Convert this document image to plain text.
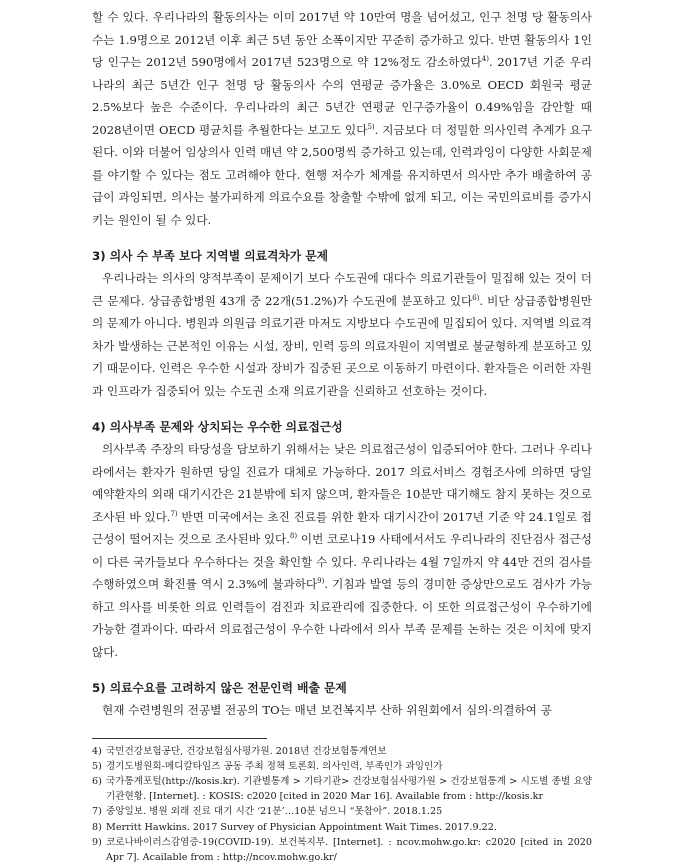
할 수 있다. 우리나라의 활동의사는 이미 2017년 약 10만여 명을 넘어섰고, 인구 천명 당 활동의사 수는 1.9명으로 2012년 이후 최근 5년 동안 소폭이지만 꾸준히 증가하고 있다. 반면 활동의사 1인당 인구는 2012년 590명에서 2017년 523명으로 약 12%정도 감소하였다$^{4)}$. 2017년 기준 우리나라의 최근 5년간 인구 천명 당 활동의사 수의 연평균 증가율은 3.0%로 OECD 회원국 평균 2.5%보다 높은 수준이다. 우리나라의 최근 5년간 연평균 인구증가율이 0.49%임을 감안할 때 2028년이면 OECD 평균치를 추월한다는 보고도 있다$^{5)}$. 지금보다 더 정밀한 의사인력 추계가 요구된다. 이와 더불어 임상의사 인력 매년 약 2,500명씩 증가하고 있는데, 인력과잉이 다양한 사회문제를 야기할 수 있다는 점도 고려해야 한다. 현행 저수가 체계를 유지하면서 의사만 추가 배출하여 공급이 과잉되면, 의사는 불가피하게 의료수요를 창출할 수밖에 없게 되고, 이는 국민의료비를 증가시키는 원인이 될 수 있다.

3) 의사 수 부족 보다 지역별 의료격차가 문제

우리나라는 의사의 양적부족이 문제이기 보다 수도권에 대다수 의료기관들이 밀집해 있는 것이 더 큰 문제다. 상급종합병원 43개 중 22개(51.2%)가 수도권에 분포하고 있다$^{6)}$. 비단 상급종합병원만의 문제가 아니다. 병원과 의원급 의료기관 마저도 지방보다 수도권에 밀집되어 있다. 지역별 의료격차가 발생하는 근본적인 이유는 시설, 장비, 인력 등의 의료자원이 지역별로 불균형하게 분포하고 있기 때문이다. 인력은 우수한 시설과 장비가 집중된 곳으로 이동하기 마련이다. 환자들은 이러한 자원과 인프라가 집중되어 있는 수도권 소재 의료기관을 신뢰하고 선호하는 것이다.

4) 의사부족 문제와 상치되는 우수한 의료접근성

의사부족 주장의 타당성을 담보하기 위해서는 낮은 의료접근성이 입증되어야 한다. 그러나 우리나라에서는 환자가 원하면 당일 진료가 대체로 가능하다. 2017 의료서비스 경험조사에 의하면 당일 예약환자의 외래 대기시간은 21분밖에 되지 않으며, 환자들은 10분만 대기해도 참지 못하는 것으로 조사된 바 있다.$^{7)}$ 반면 미국에서는 초진 진료를 위한 환자 대기시간이 2017년 기준 약 24.1일로 접근성이 떨어지는 것으로 조사된바 있다.$^{8)}$ 이번 코로나19 사태에서서도 우리나라의 진단검사 접근성이 다른 국가들보다 우수하다는 것을 확인할 수 있다. 우리나라는 4월 7일까지 약 44만 건의 검사를 수행하였으며 확진률 역시 2.3%에 불과하다$^{9)}$. 기침과 발열 등의 경미한 증상만으로도 검사가 가능하고 의사를 비롯한 의료 인력들이 검진과 치료관리에 집중한다. 이 또한 의료접근성이 우수하기에 가능한 결과이다. 따라서 의료접근성이 우수한 나라에서 의사 부족 문제를 논하는 것은 이치에 맞지 않다.

5) 의료수요를 고려하지 않은 전문인력 배출 문제

현재 수련병원의 전공별 전공의 TO는 매년 보건복지부 산하 위원회에서 심의·의결하여 공

4) 국민건강보험공단, 건강보험심사평가원. 2018년 건강보험통계연보
5) 경기도병원회-메디칼타임즈 공동 주최 정책 토론회. 의사인력, 부족인가 과잉인가
6) 국가통계포털(http://kosis.kr). 기관별통계 > 기타기관> 건강보험심사평가원 > 건강보험통계 > 시도별 종별 요양기관현황. [Internet]. : KOSIS: c2020 [cited in 2020 Mar 16]. Available from : http://kosis.kr
7) 중앙일보. 병원 외래 진료 대기 시간 ‘21분’…10분 넘으니 “못참아”. 2018.1.25
8) Merritt Hawkins. 2017 Survey of Physician Appointment Wait Times. 2017.9.22.
9) 코로나바이러스감염증-19(COVID-19). 보건복지부. [Internet]. : ncov.mohw.go.kr: c2020 [cited in 2020 Apr 7]. Acailable from : http://ncov.mohw.go.kr/
